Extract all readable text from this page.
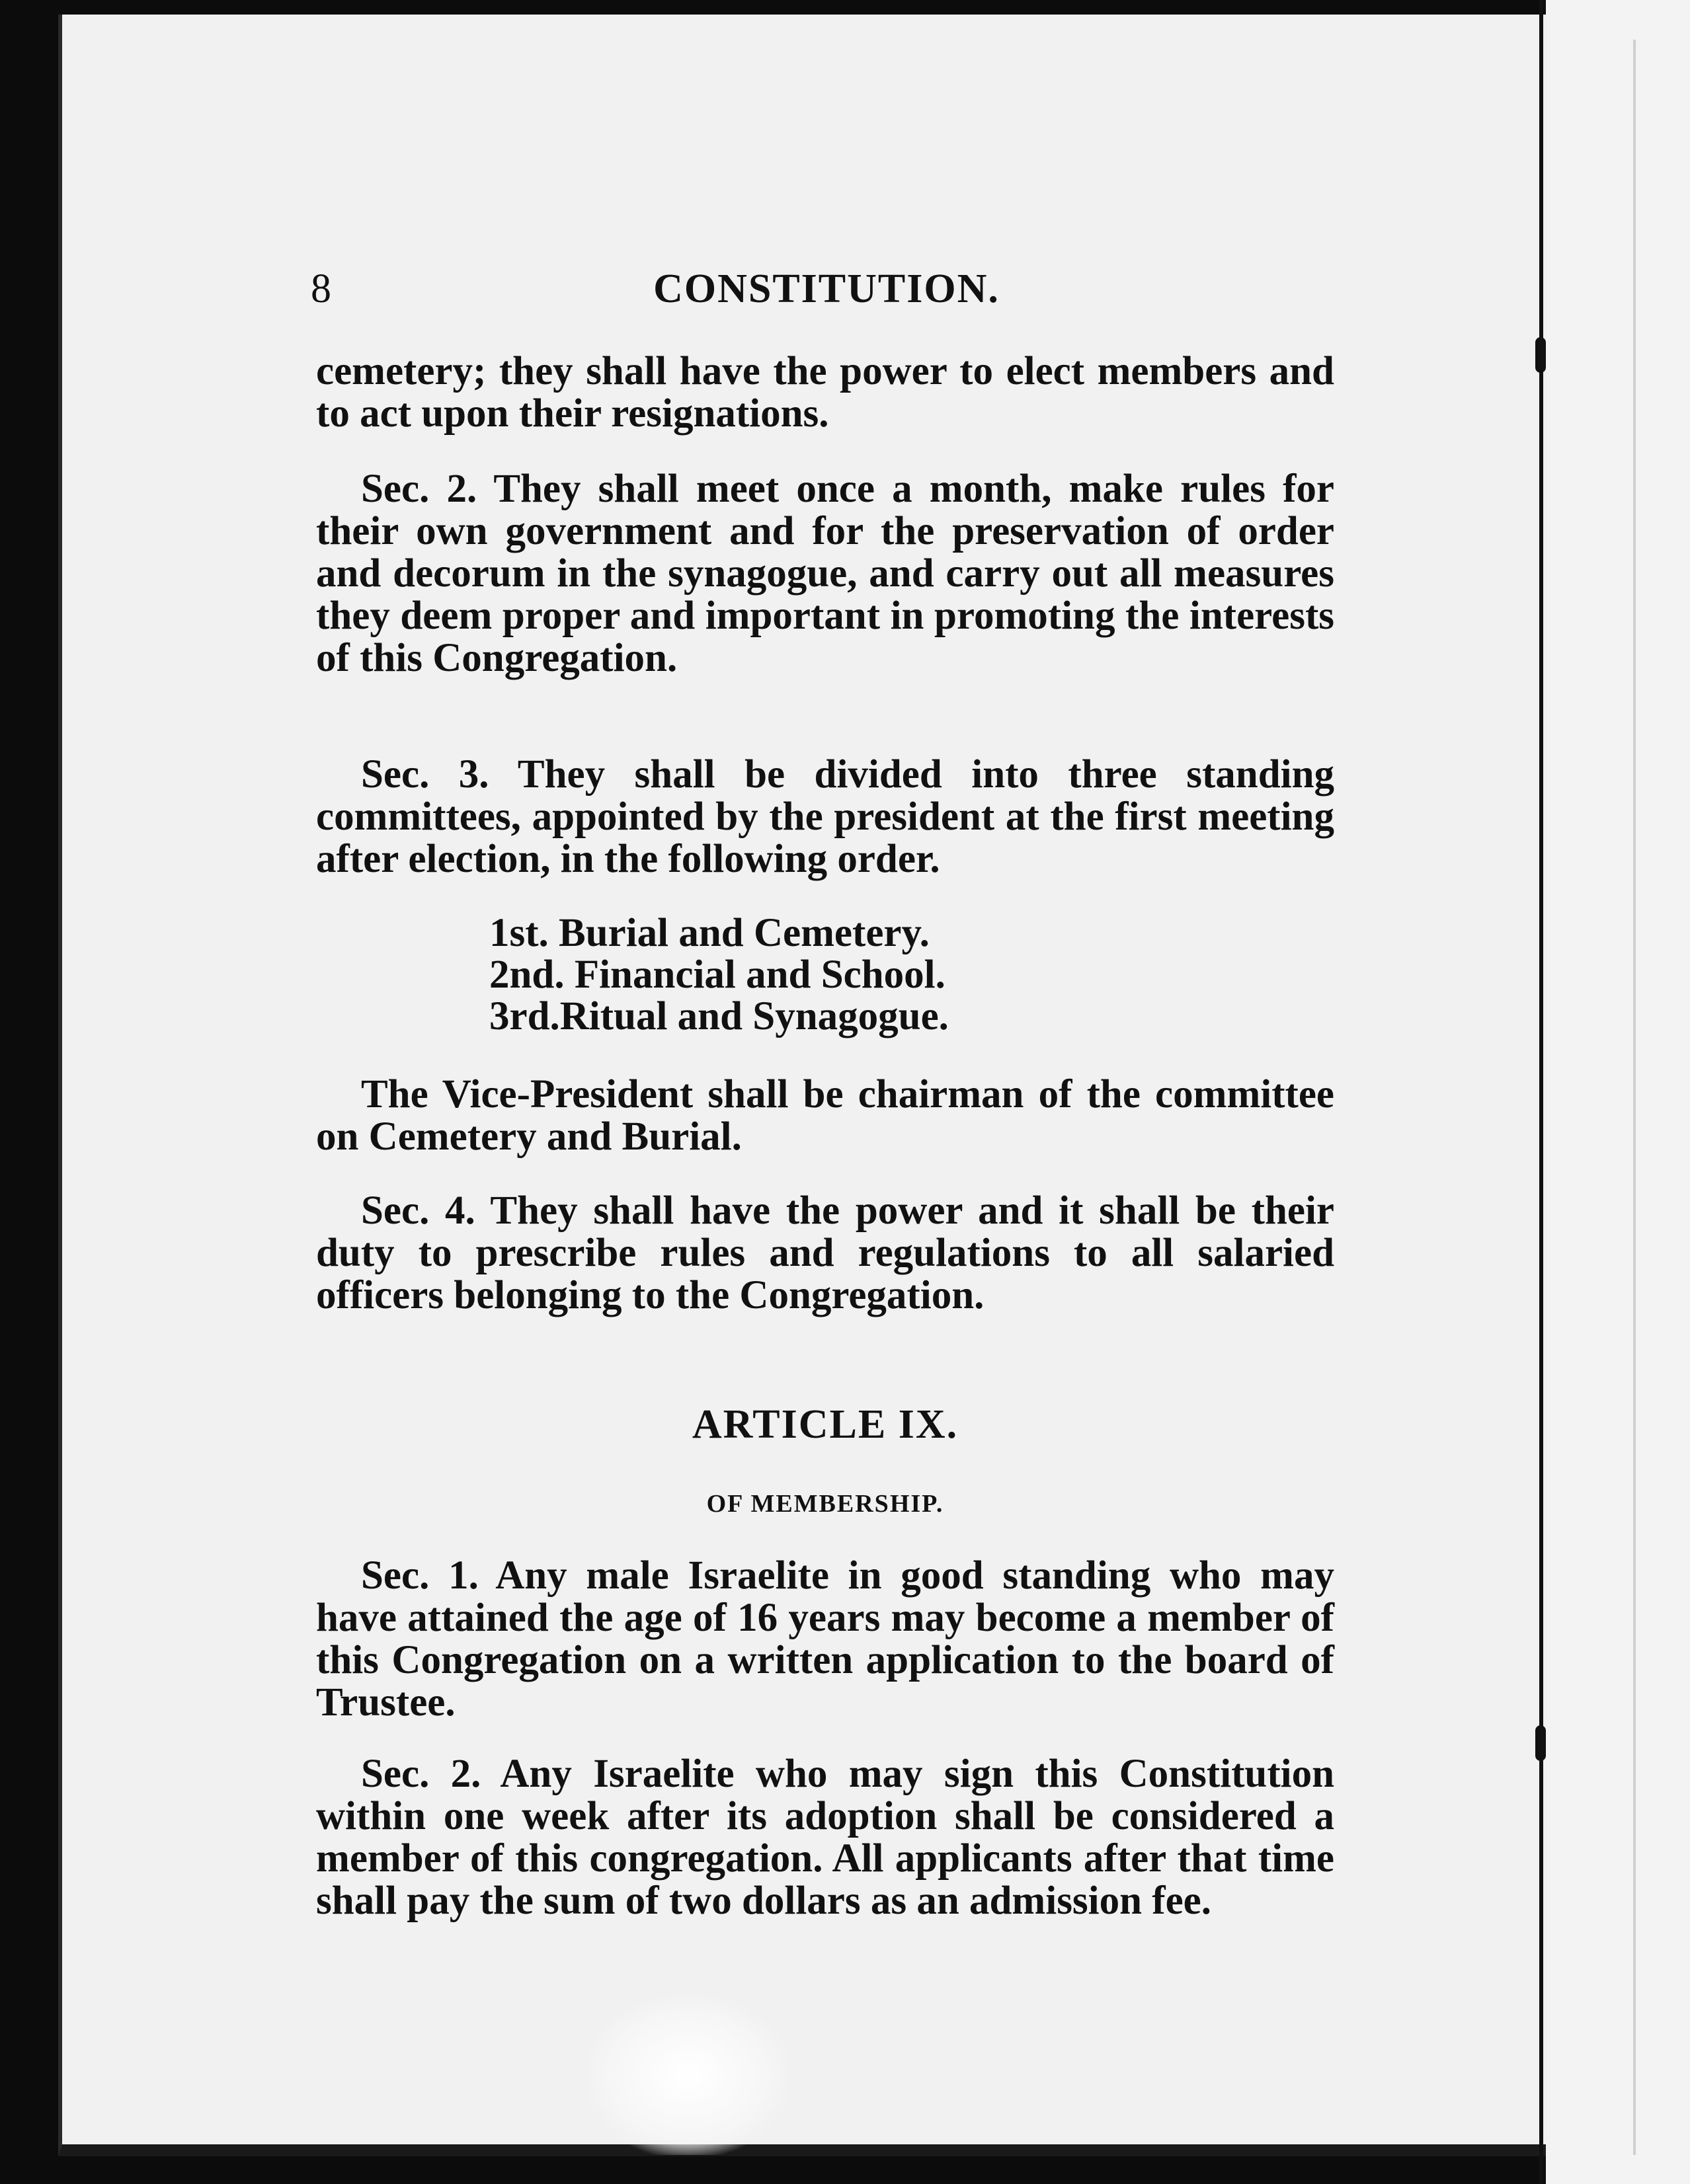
8	CONSTITUTION.
cemetery; they shall have the power to elect members and to act upon their resignations.
Sec. 2. They shall meet once a month, make rules for their own government and for the preservation of order and decorum in the synagogue, and carry out all measures they deem proper and important in promoting the interests of this Congregation.
Sec. 3. They shall be divided into three standing committees, appointed by the president at the first meeting after election, in the following order.
1st. Burial and Cemetery.
2nd. Financial and School.
3rd.Ritual and Synagogue.
The Vice-President shall be chairman of the committee on Cemetery and Burial.
Sec. 4. They shall have the power and it shall be their duty to prescribe rules and regulations to all salaried officers belonging to the Congregation.
ARTICLE IX.
OF MEMBERSHIP.
Sec. 1. Any male Israelite in good standing who may have attained the age of 16 years may become a member of this Congregation on a written application to the board of Trustee.
Sec. 2. Any Israelite who may sign this Constitution within one week after its adoption shall be considered a member of this congregation. All applicants after that time shall pay the sum of two dollars as an admission fee.
